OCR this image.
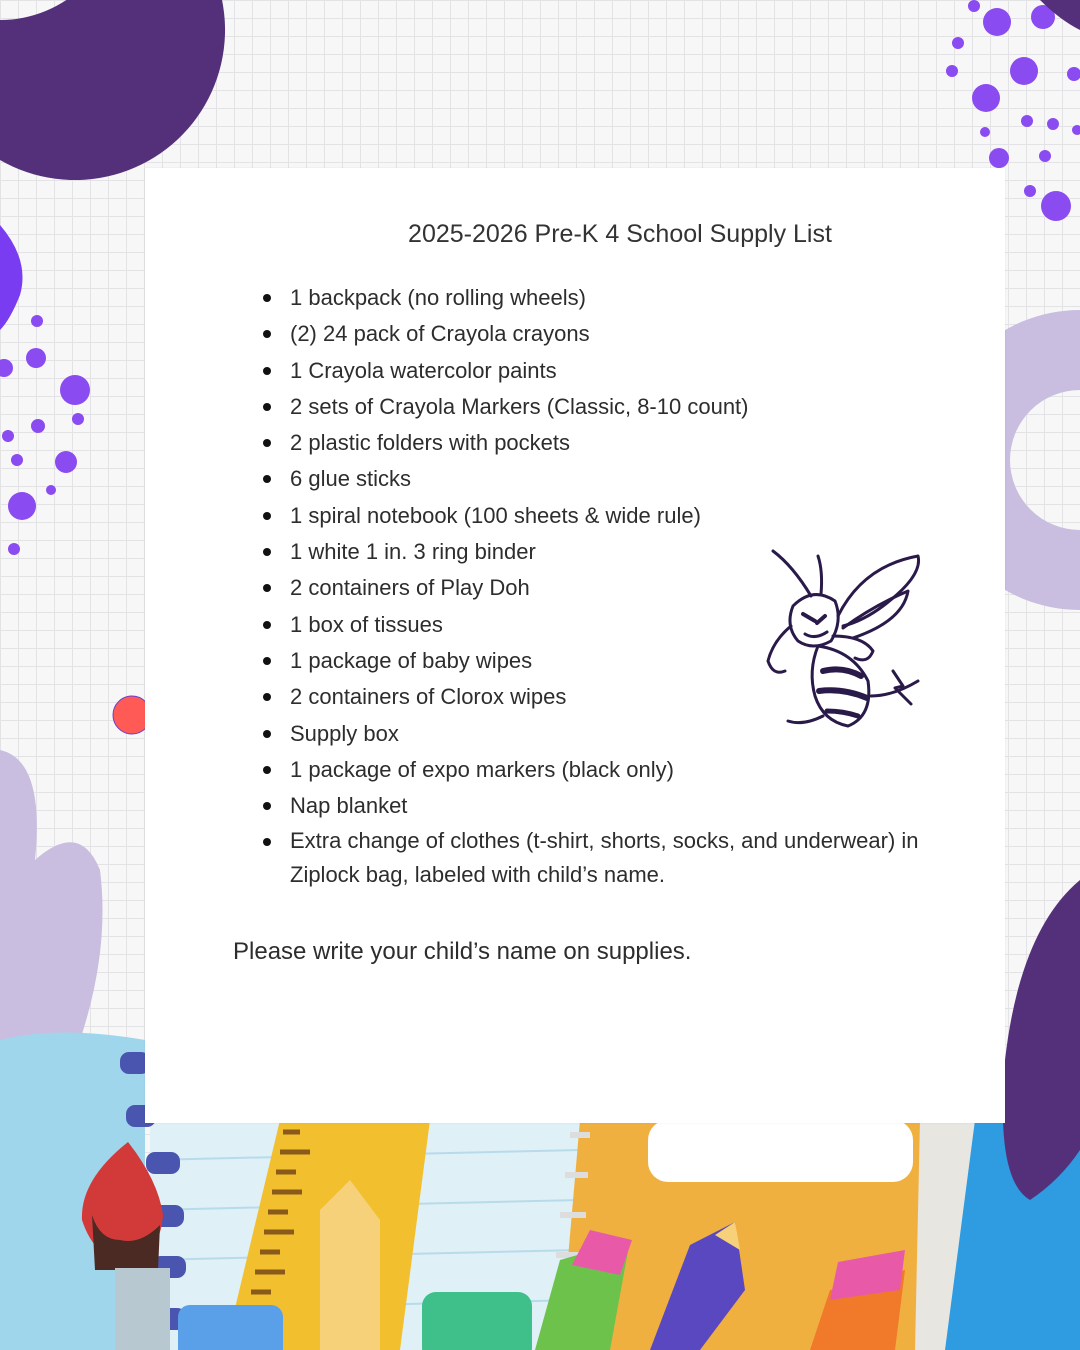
2025-2026 Pre-K 4 School Supply List
1 backpack (no rolling wheels)
(2) 24 pack of Crayola crayons
1 Crayola watercolor paints
2 sets of Crayola Markers (Classic, 8-10 count)
2 plastic folders with pockets
6 glue sticks
1 spiral notebook (100 sheets & wide rule)
1 white 1 in. 3 ring binder
2 containers of Play Doh
1 box of tissues
1 package of baby wipes
2 containers of Clorox wipes
Supply box
1 package of expo markers (black only)
Nap blanket
Extra change of clothes (t-shirt, shorts, socks, and underwear) in Ziplock bag, labeled with child’s name.
Please write your child’s name on supplies.
